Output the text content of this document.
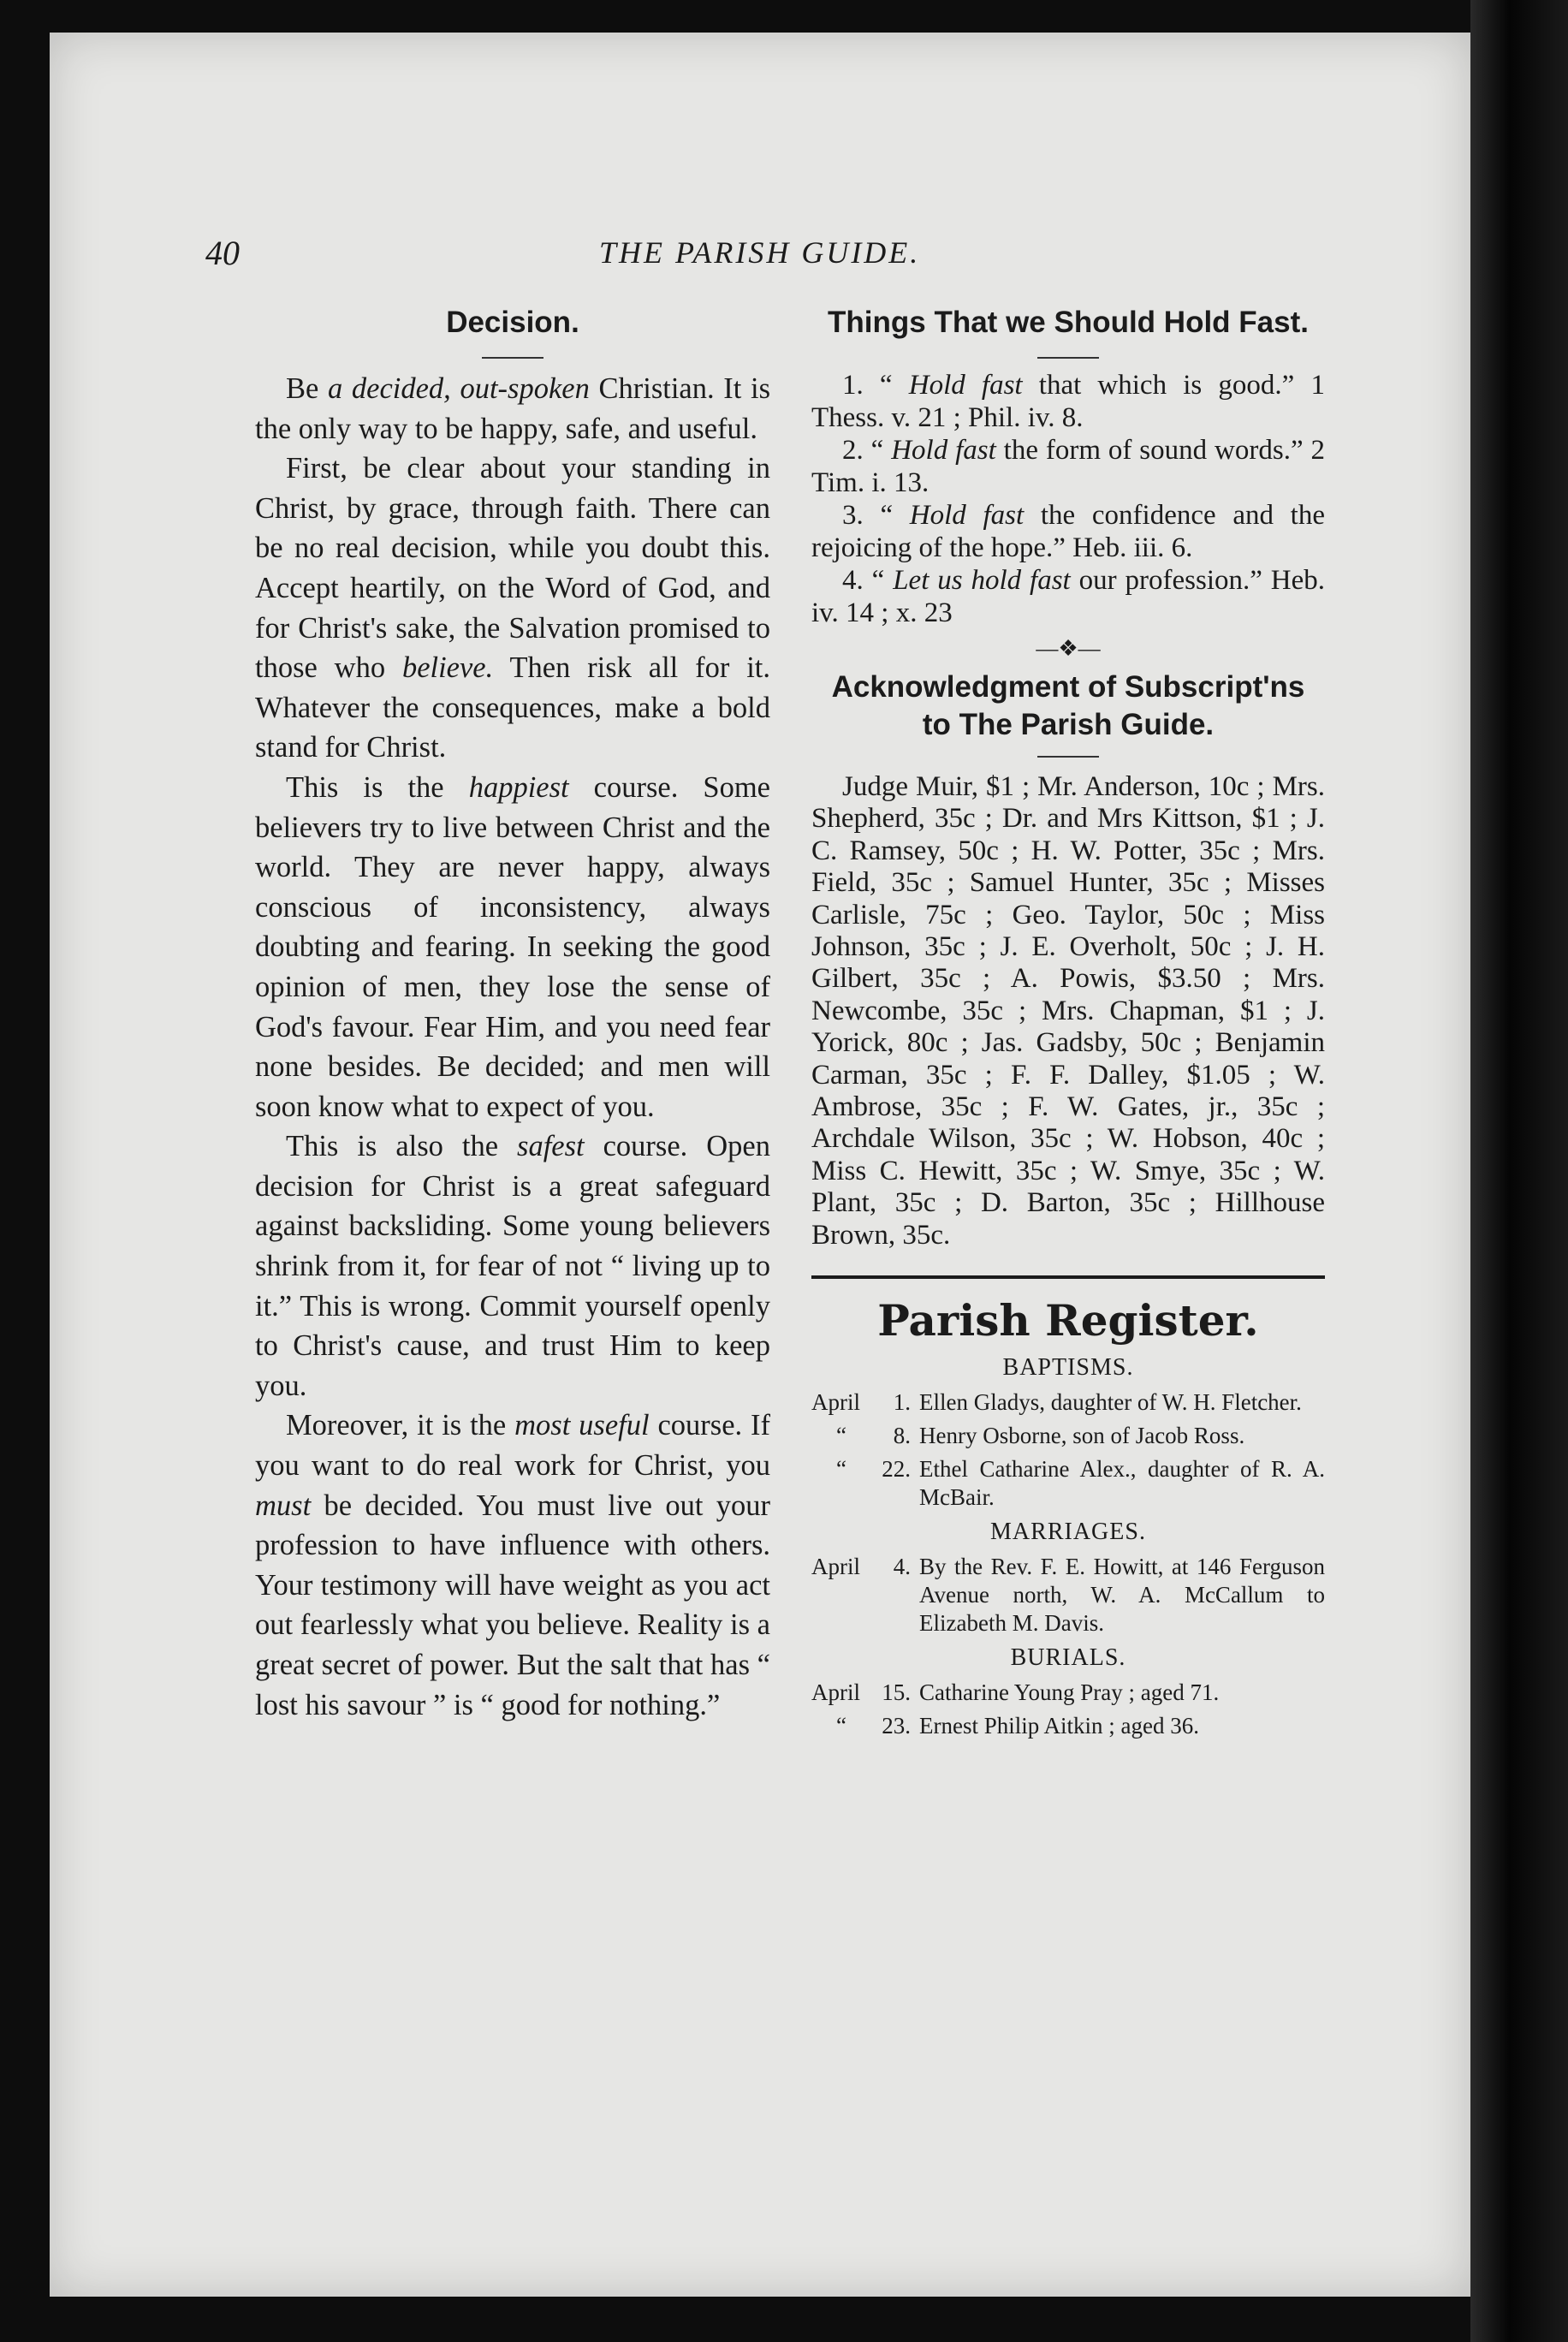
40	THE PARISH GUIDE.
Decision.

Be a decided, out-spoken Christian. It is the only way to be happy, safe, and useful.

First, be clear about your standing in Christ, by grace, through faith. There can be no real decision, while you doubt this. Accept heartily, on the Word of God, and for Christ's sake, the Salvation promised to those who believe. Then risk all for it. Whatever the consequences, make a bold stand for Christ.

This is the happiest course. Some believers try to live between Christ and the world. They are never happy, always conscious of inconsistency, always doubting and fearing. In seeking the good opinion of men, they lose the sense of God's favour. Fear Him, and you need fear none besides. Be decided; and men will soon know what to expect of you.

This is also the safest course. Open decision for Christ is a great safeguard against backsliding. Some young believers shrink from it, for fear of not “ living up to it.” This is wrong. Commit yourself openly to Christ's cause, and trust Him to keep you.

Moreover, it is the most useful course. If you want to do real work for Christ, you must be decided. You must live out your profession to have influence with others. Your testimony will have weight as you act out fearlessly what you believe. Reality is a great secret of power. But the salt that has “ lost his savour ” is “ good for nothing.”

Things That we Should Hold Fast.

1. “ Hold fast that which is good.” 1 Thess. v. 21 ; Phil. iv. 8.

2. “ Hold fast the form of sound words.” 2 Tim. i. 13.

3. “ Hold fast the confidence and the rejoicing of the hope.” Heb. iii. 6.

4. “ Let us hold fast our profession.” Heb. iv. 14 ; x. 23

—❖—
Acknowledgment of Subscript'ns
to The Parish Guide.

Judge Muir, $1 ; Mr. Anderson, 10c ; Mrs. Shepherd, 35c ; Dr. and Mrs Kittson, $1 ; J. C. Ramsey, 50c ; H. W. Potter, 35c ; Mrs. Field, 35c ; Samuel Hunter, 35c ; Misses Carlisle, 75c ; Geo. Taylor, 50c ; Miss Johnson, 35c ; J. E. Overholt, 50c ; J. H. Gilbert, 35c ; A. Powis, $3.50 ; Mrs. Newcombe, 35c ; Mrs. Chapman, $1 ; J. Yorick, 80c ; Jas. Gadsby, 50c ; Benjamin Carman, 35c ; F. F. Dalley, $1.05 ; W. Ambrose, 35c ; F. W. Gates, jr., 35c ; Archdale Wilson, 35c ; W. Hobson, 40c ; Miss C. Hewitt, 35c ; W. Smye, 35c ; W. Plant, 35c ; D. Barton, 35c ; Hillhouse Brown, 35c.

Parish Register.
BAPTISMS.
April	1. Ellen Gladys, daughter of W. H. Fletcher.
“	8. Henry Osborne, son of Jacob Ross.
“	22. Ethel Catharine Alex., daughter of R. A. McBair.
MARRIAGES.
April	4. By the Rev. F. E. Howitt, at 146 Ferguson Avenue north, W. A. McCallum to Elizabeth M. Davis.
BURIALS.
April 15. Catharine Young Pray ; aged 71.
“	23. Ernest Philip Aitkin ; aged 36.
